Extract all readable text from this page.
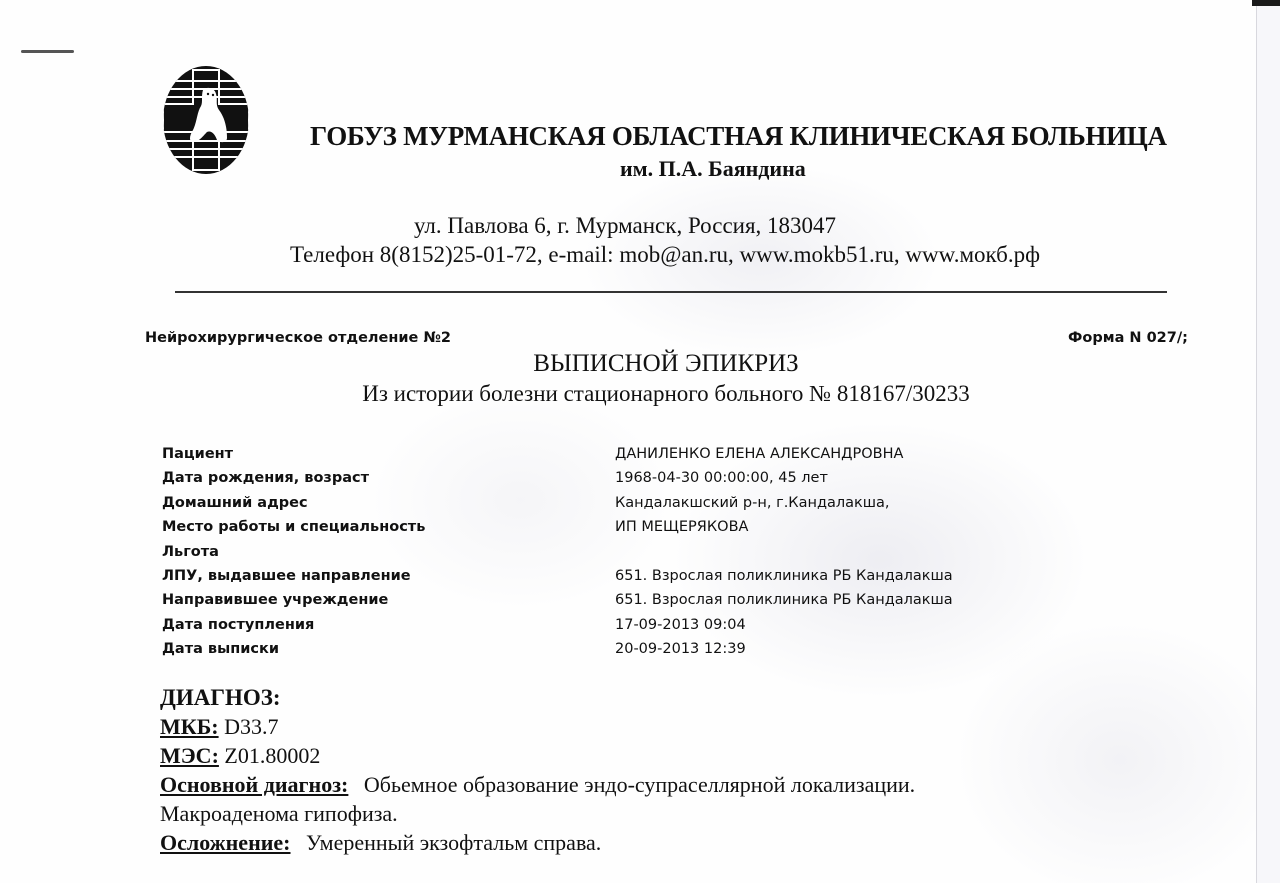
ГОБУЗ МУРМАНСКАЯ ОБЛАСТНАЯ КЛИНИЧЕСКАЯ БОЛЬНИЦА
им. П.А. Баяндина
ул. Павлова 6, г. Мурманск, Россия, 183047
Телефон 8(8152)25-01-72, e-mail: mob@an.ru, www.mokb51.ru, www.мокб.рф
Нейрохирургическое отделение №2	Форма N 027/;
ВЫПИСНОЙ ЭПИКРИЗ
Из истории болезни стационарного больного № 818167/30233
Пациент	ДАНИЛЕНКО ЕЛЕНА АЛЕКСАНДРОВНА
Дата рождения, возраст	1968-04-30 00:00:00, 45 лет
Домашний адрес	Кандалакшский р-н, г.Кандалакша,
Место работы и специальность	ИП МЕЩЕРЯКОВА
Льгота
ЛПУ, выдавшее направление	651. Взрослая поликлиника РБ Кандалакша
Направившее учреждение	651. Взрослая поликлиника РБ Кандалакша
Дата поступления	17-09-2013 09:04
Дата выписки	20-09-2013 12:39
ДИАГНОЗ:
МКБ: D33.7
МЭС: Z01.80002
Основной диагноз: Обьемное образование эндо-супраселлярной локализации.
Макроаденома гипофиза.
Осложнение: Умеренный экзофтальм справа.
